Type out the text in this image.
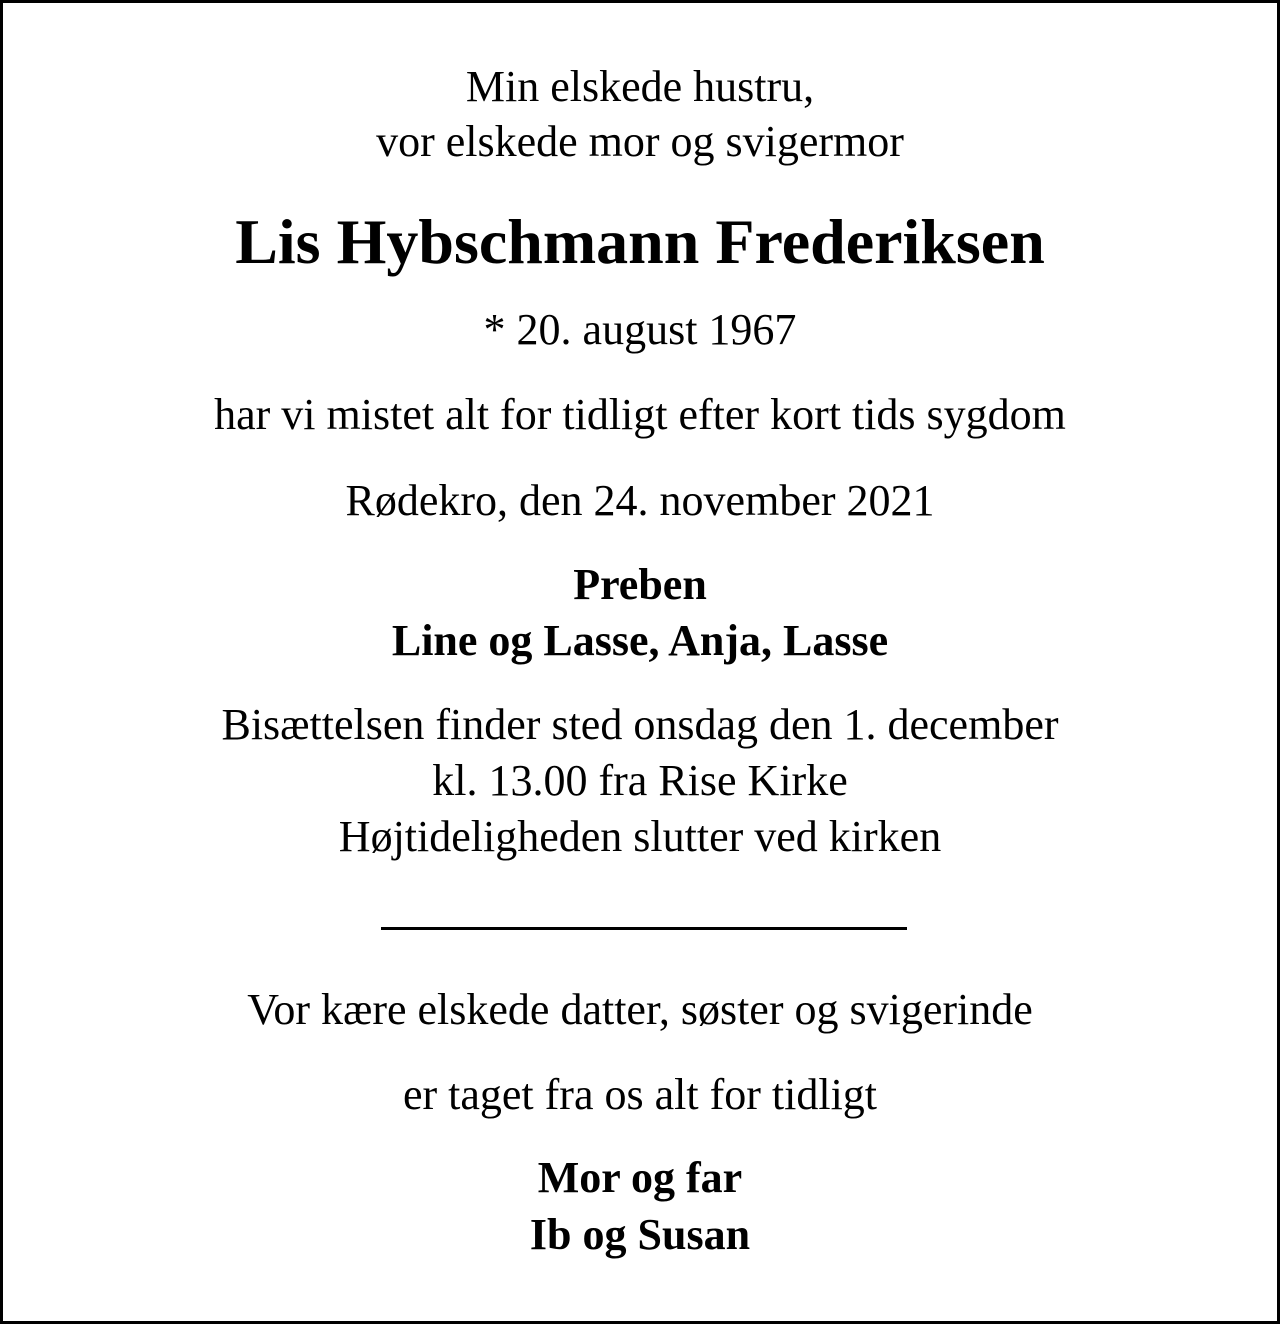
Min elskede hustru,

vor elskede mor og svigermor

Lis Hybschmann Frederiksen

* 20. august 1967

har vi mistet alt for tidligt efter kort tids sygdom

Rødekro, den 24. november 2021

Preben

Line og Lasse, Anja, Lasse

Bisættelsen finder sted onsdag den 1. december

kl. 13.00 fra Rise Kirke

Højtideligheden slutter ved kirken

Vor kære elskede datter, søster og svigerinde

er taget fra os alt for tidligt

Mor og far

Ib og Susan
